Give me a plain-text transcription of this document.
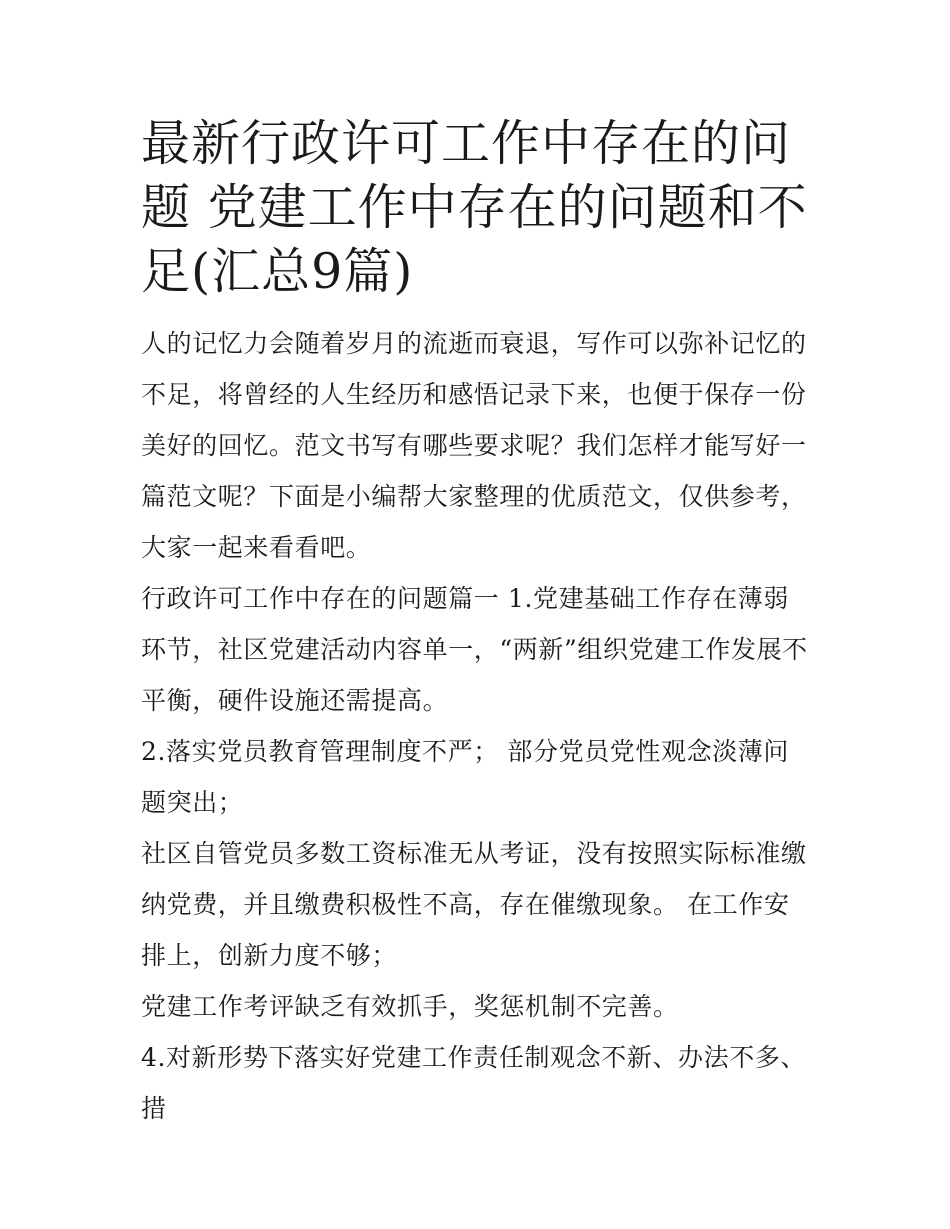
最新行政许可工作中存在的问题 党建工作中存在的问题和不足(汇总9篇)

人的记忆力会随着岁月的流逝而衰退，写作可以弥补记忆的不足，将曾经的人生经历和感悟记录下来，也便于保存一份美好的回忆。范文书写有哪些要求呢？我们怎样才能写好一篇范文呢？下面是小编帮大家整理的优质范文，仅供参考，大家一起来看看吧。

行政许可工作中存在的问题篇一 1.党建基础工作存在薄弱环节，社区党建活动内容单一，“两新”组织党建工作发展不平衡，硬件设施还需提高。

2.落实党员教育管理制度不严； 部分党员党性观念淡薄问题突出；

社区自管党员多数工资标准无从考证，没有按照实际标准缴纳党费，并且缴费积极性不高，存在催缴现象。 在工作安排上，创新力度不够；

党建工作考评缺乏有效抓手，奖惩机制不完善。

4.对新形势下落实好党建工作责任制观念不新、办法不多、措
